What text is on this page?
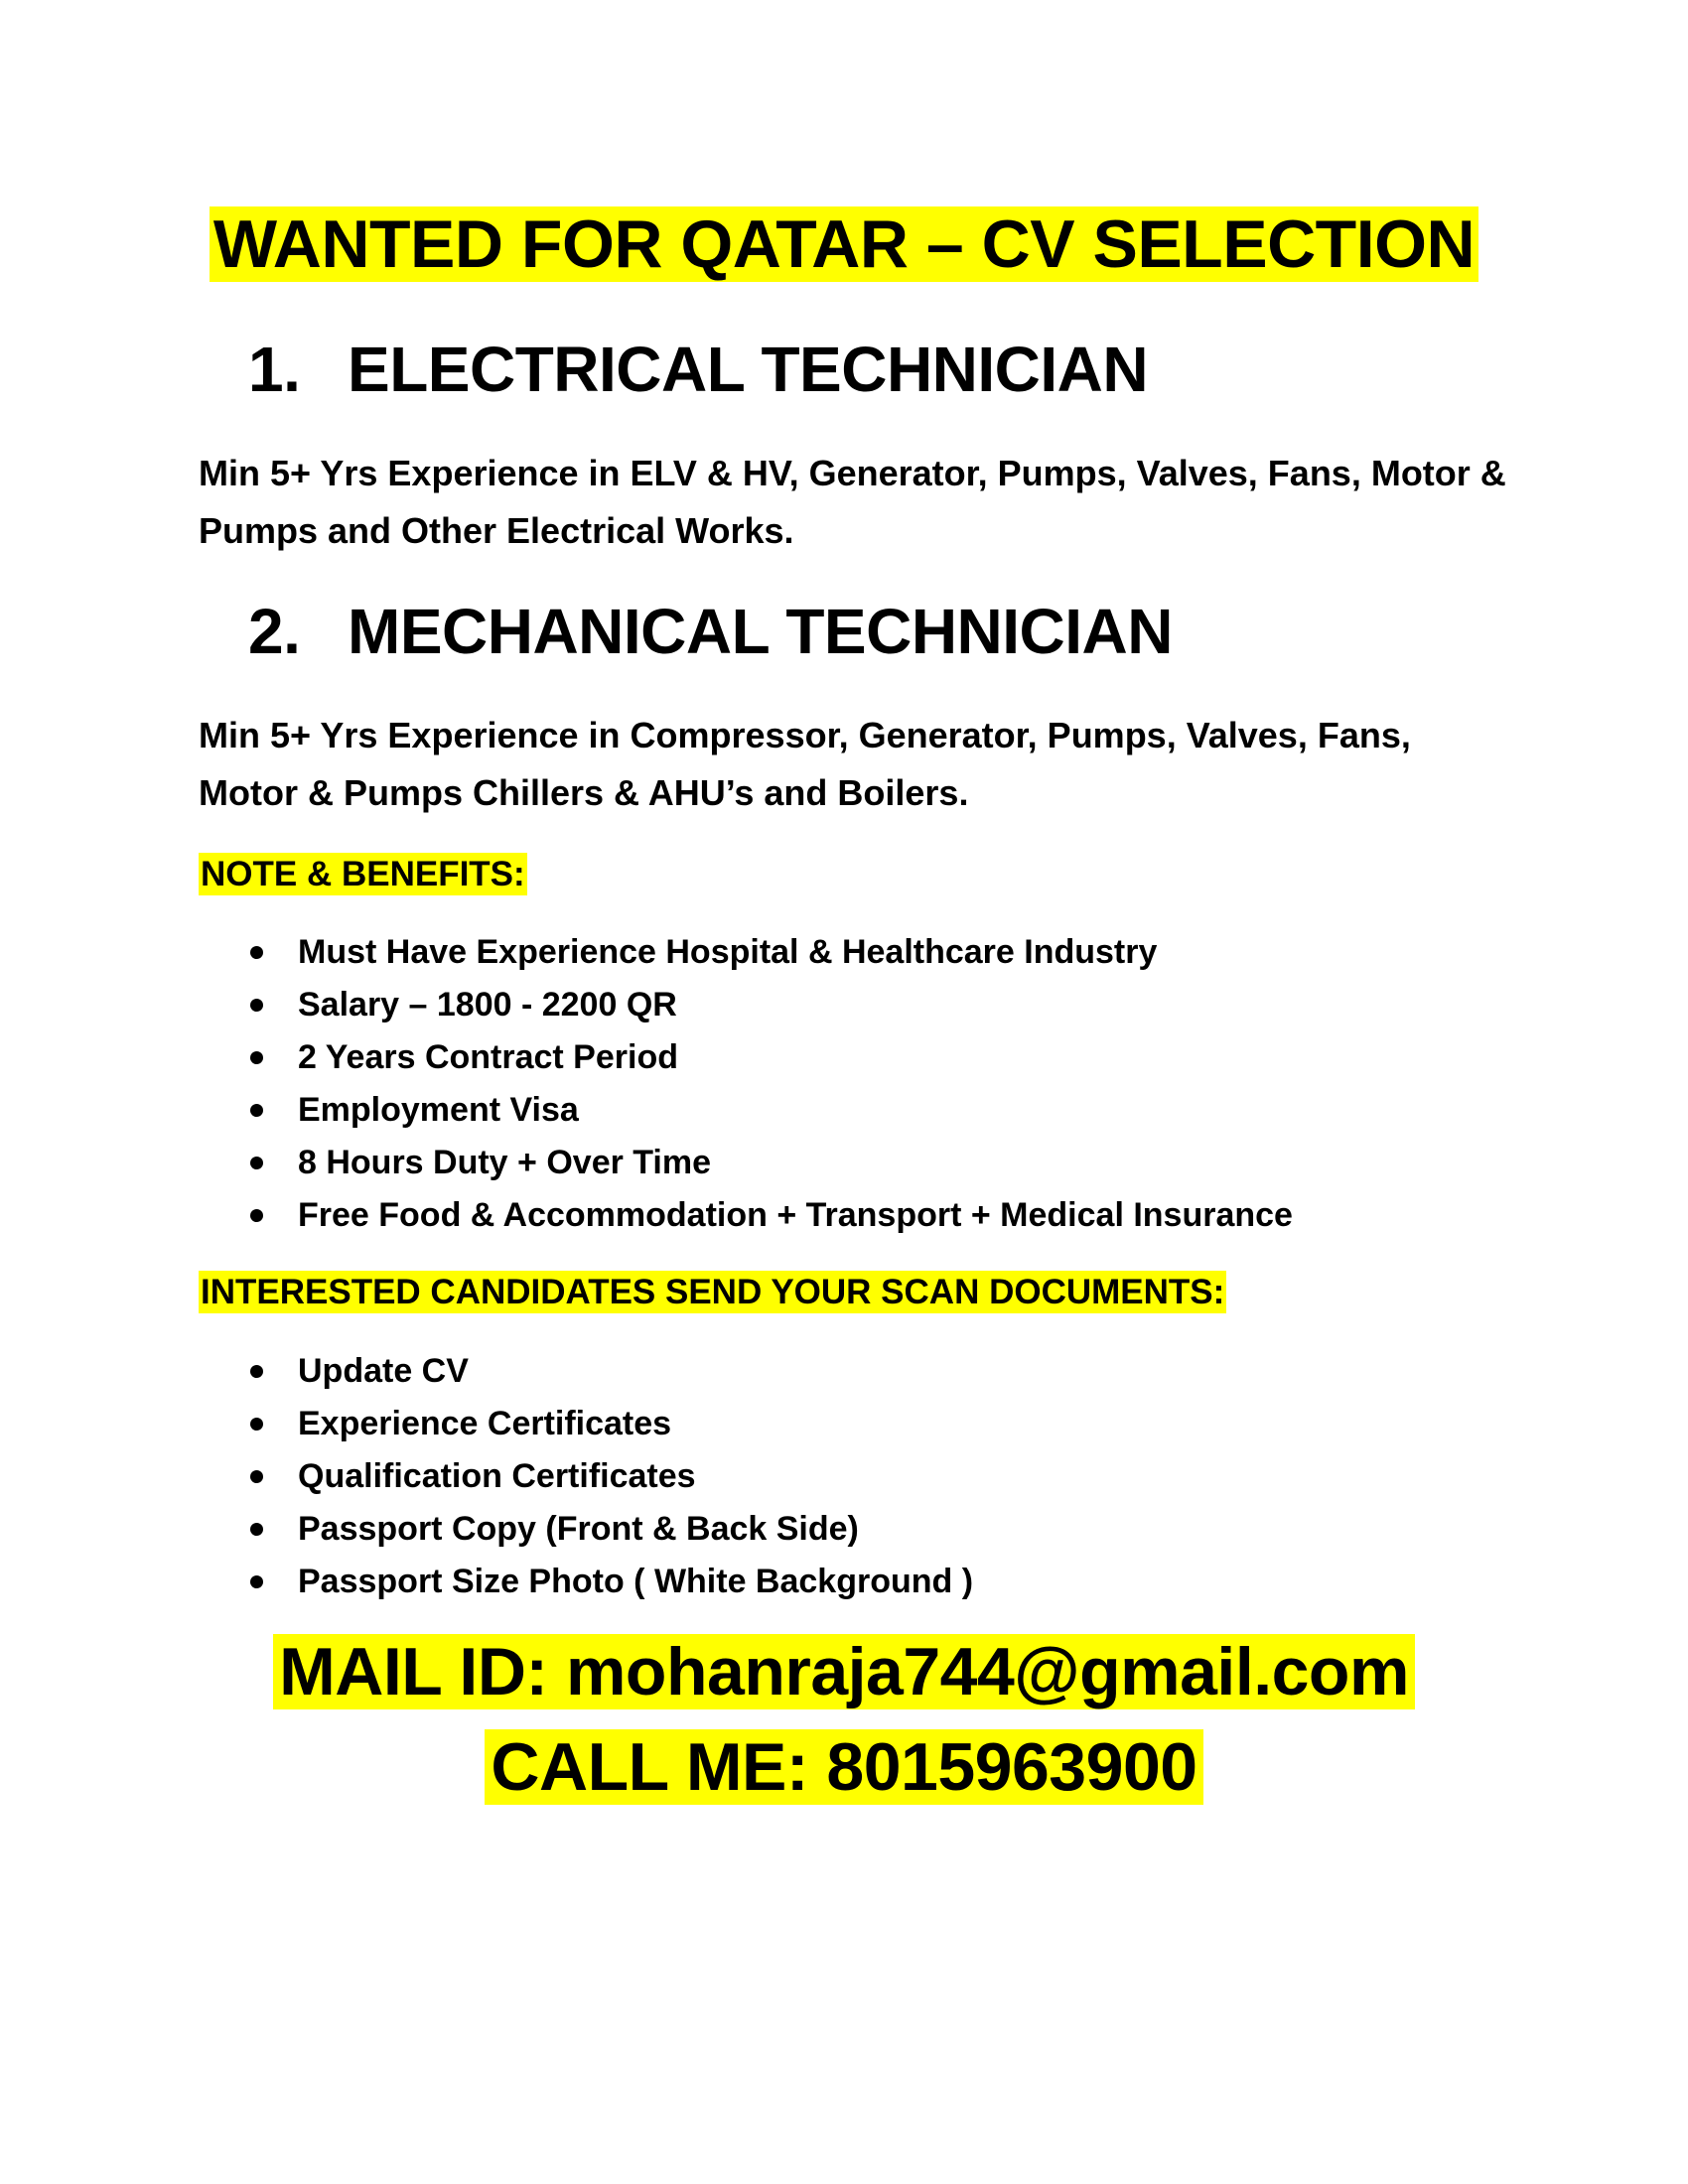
WANTED FOR QATAR – CV SELECTION
1. ELECTRICAL TECHNICIAN
Min 5+ Yrs Experience in ELV & HV, Generator, Pumps, Valves, Fans, Motor & Pumps and Other Electrical Works.
2. MECHANICAL TECHNICIAN
Min 5+ Yrs Experience in Compressor, Generator, Pumps, Valves, Fans, Motor & Pumps Chillers & AHU’s and Boilers.
NOTE & BENEFITS:
Must Have Experience Hospital & Healthcare Industry
Salary – 1800 - 2200 QR
2 Years Contract Period
Employment Visa
8 Hours Duty + Over Time
Free Food & Accommodation + Transport + Medical Insurance
INTERESTED CANDIDATES SEND YOUR SCAN DOCUMENTS:
Update CV
Experience Certificates
Qualification Certificates
Passport Copy (Front & Back Side)
Passport Size Photo ( White Background )
MAIL ID: mohanraja744@gmail.com
CALL ME: 8015963900
